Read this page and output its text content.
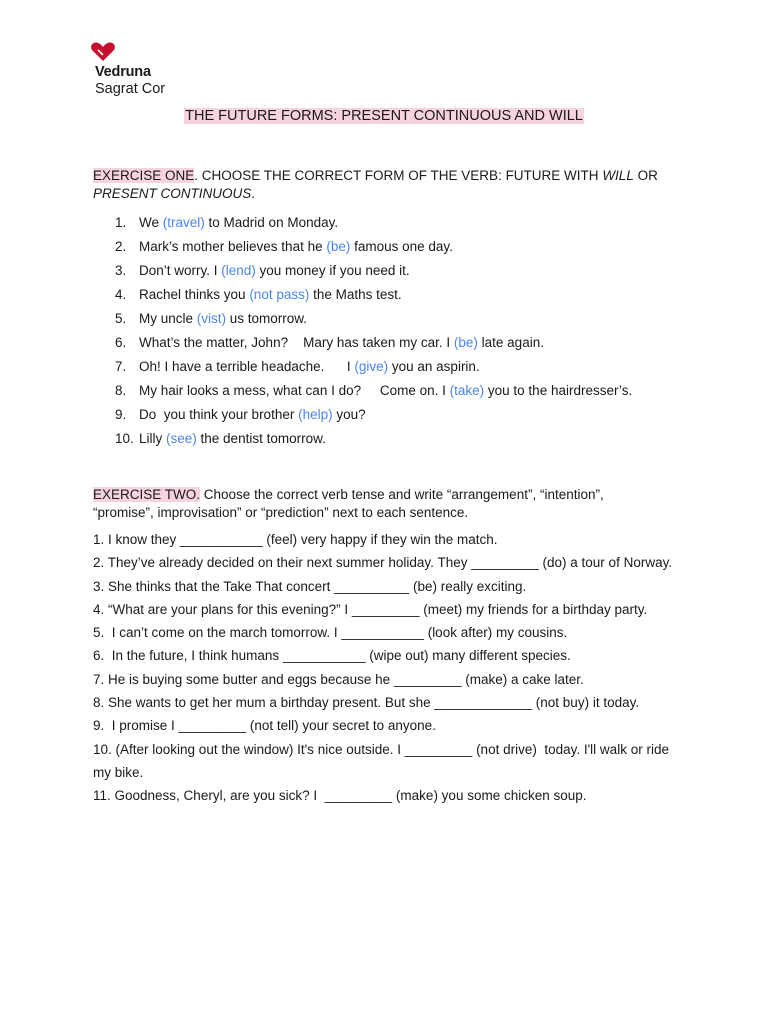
Vedruna
Sagrat Cor
THE FUTURE FORMS: PRESENT CONTINUOUS AND WILL
EXERCISE ONE. CHOOSE THE CORRECT FORM OF THE VERB: FUTURE WITH WILL OR
PRESENT CONTINUOUS.
1. We (travel) to Madrid on Monday.
2. Mark’s mother believes that he (be) famous one day.
3. Don’t worry. I (lend) you money if you need it.
4. Rachel thinks you (not pass) the Maths test.
5. My uncle (vist) us tomorrow.
6. What’s the matter, John?    Mary has taken my car. I (be) late again.
7. Oh! I have a terrible headache.      I (give) you an aspirin.
8. My hair looks a mess, what can I do?     Come on. I (take) you to the hairdresser’s.
9. Do  you think your brother (help) you?
10. Lilly (see) the dentist tomorrow.
EXERCISE TWO. Choose the correct verb tense and write “arrangement”, “intention”, “promise”, improvisation” or “prediction” next to each sentence.
1. I know they ___________ (feel) very happy if they win the match.
2. They’ve already decided on their next summer holiday. They _________ (do) a tour of Norway.
3. She thinks that the Take That concert __________ (be) really exciting.
4. “What are your plans for this evening?” I _________ (meet) my friends for a birthday party.
5.  I can’t come on the march tomorrow. I ___________ (look after) my cousins.
6.  In the future, I think humans ___________ (wipe out) many different species.
7. He is buying some butter and eggs because he _________ (make) a cake later.
8. She wants to get her mum a birthday present. But she _____________ (not buy) it today.
9.  I promise I _________ (not tell) your secret to anyone.
10. (After looking out the window) It's nice outside. I _________ (not drive)  today. I'll walk or ride my bike.
11. Goodness, Cheryl, are you sick? I  _________ (make) you some chicken soup.
